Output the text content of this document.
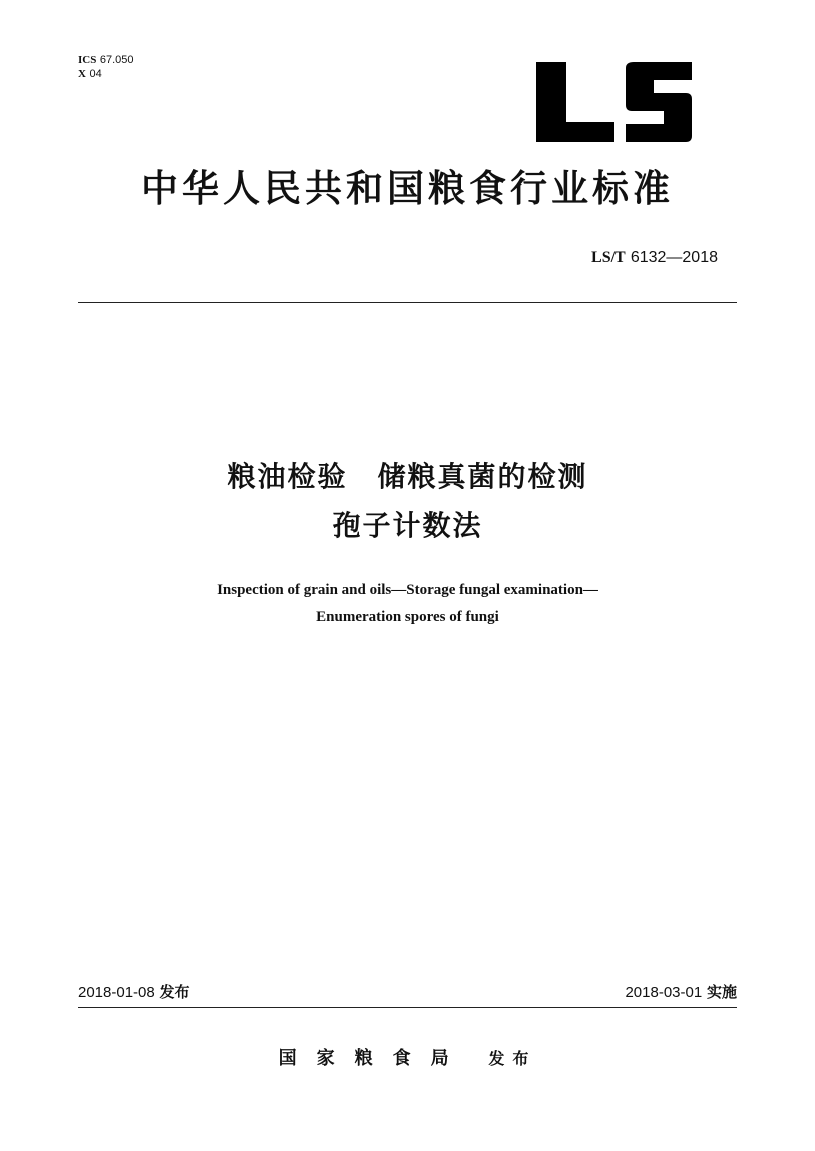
ICS 67.050
X 04
中华人民共和国粮食行业标准
LS/T 6132—2018
粮油检验　储粮真菌的检测
孢子计数法
Inspection of grain and oils—Storage fungal examination—
Enumeration spores of fungi
2018-01-08 发布	2018-03-01 实施
国家粮食局 发布
